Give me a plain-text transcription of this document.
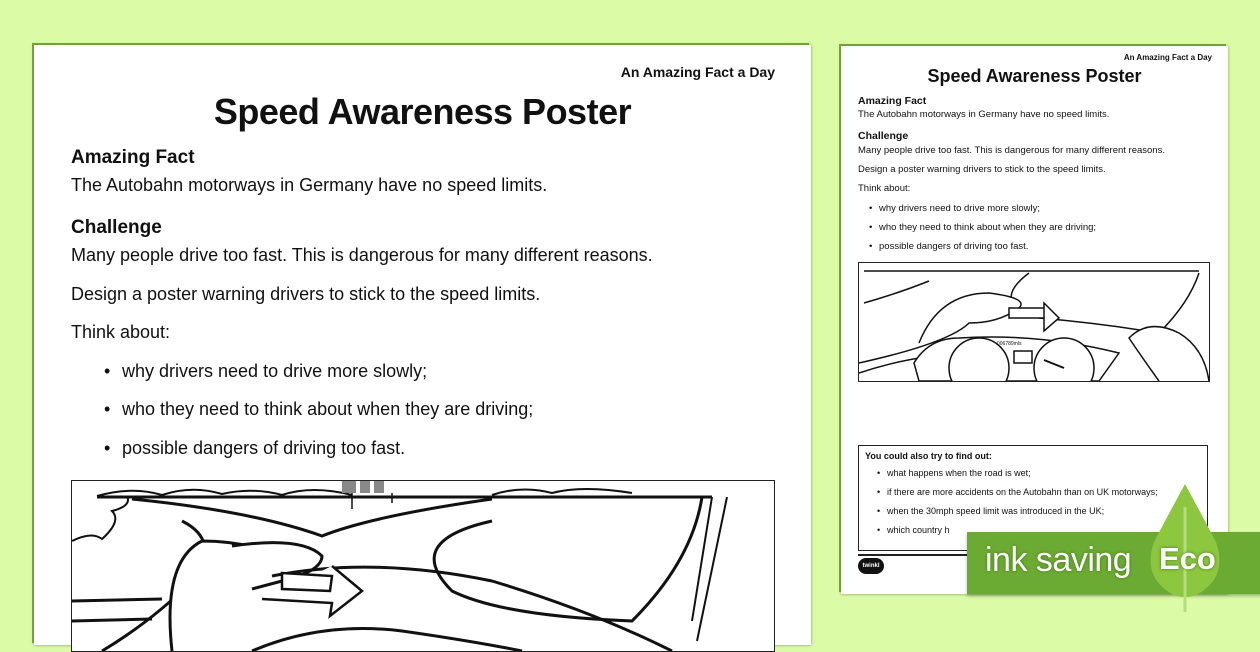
An Amazing Fact a Day
Speed Awareness Poster
Amazing Fact
The Autobahn motorways in Germany have no speed limits.
Challenge
Many people drive too fast. This is dangerous for many different reasons.
Design a poster warning drivers to stick to the speed limits.
Think about:
• why drivers need to drive more slowly;
• who they need to think about when they are driving;
• possible dangers of driving too fast.
An Amazing Fact a Day
Speed Awareness Poster
Amazing Fact
The Autobahn motorways in Germany have no speed limits.
Challenge
Many people drive too fast. This is dangerous for many different reasons.
Design a poster warning drivers to stick to the speed limits.
Think about:
• why drivers need to drive more slowly;
• who they need to think about when they are driving;
• possible dangers of driving too fast.
006789mls
You could also try to find out:
• what happens when the road is wet;
• if there are more accidents on the Autobahn than on UK motorways;
• when the 30mph speed limit was introduced in the UK;
• which country h
twinkl	ink saving Eco
